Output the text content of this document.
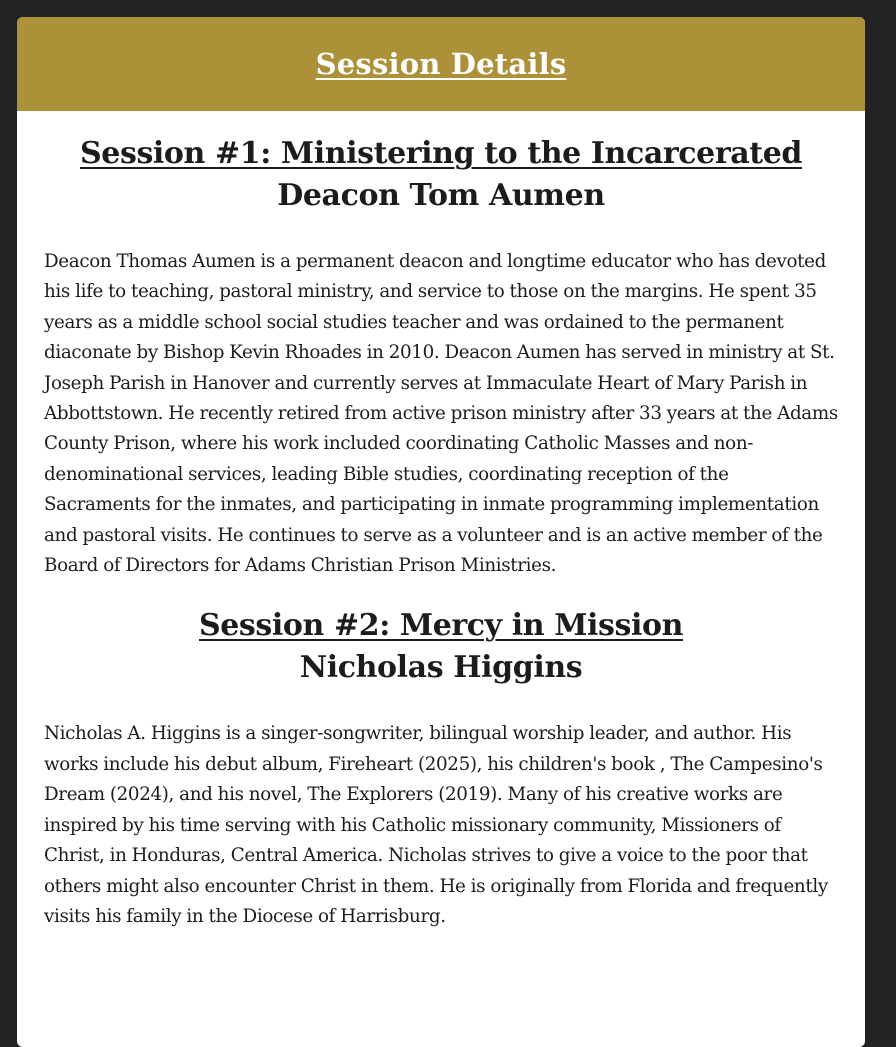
Session Details
Session #1: Ministering to the Incarcerated
Deacon Tom Aumen

Deacon Thomas Aumen is a permanent deacon and longtime educator who has devoted his life to teaching, pastoral ministry, and service to those on the margins. He spent 35 years as a middle school social studies teacher and was ordained to the permanent diaconate by Bishop Kevin Rhoades in 2010. Deacon Aumen has served in ministry at St. Joseph Parish in Hanover and currently serves at Immaculate Heart of Mary Parish in Abbottstown. He recently retired from active prison ministry after 33 years at the Adams County Prison, where his work included coordinating Catholic Masses and non-denominational services, leading Bible studies, coordinating reception of the Sacraments for the inmates, and participating in inmate programming implementation and pastoral visits. He continues to serve as a volunteer and is an active member of the Board of Directors for Adams Christian Prison Ministries.

Session #2: Mercy in Mission
Nicholas Higgins

Nicholas A. Higgins is a singer-songwriter, bilingual worship leader, and author. His works include his debut album, Fireheart (2025), his children's book , The Campesino's Dream (2024), and his novel, The Explorers (2019). Many of his creative works are inspired by his time serving with his Catholic missionary community, Missioners of Christ, in Honduras, Central America. Nicholas strives to give a voice to the poor that others might also encounter Christ in them. He is originally from Florida and frequently visits his family in the Diocese of Harrisburg.
